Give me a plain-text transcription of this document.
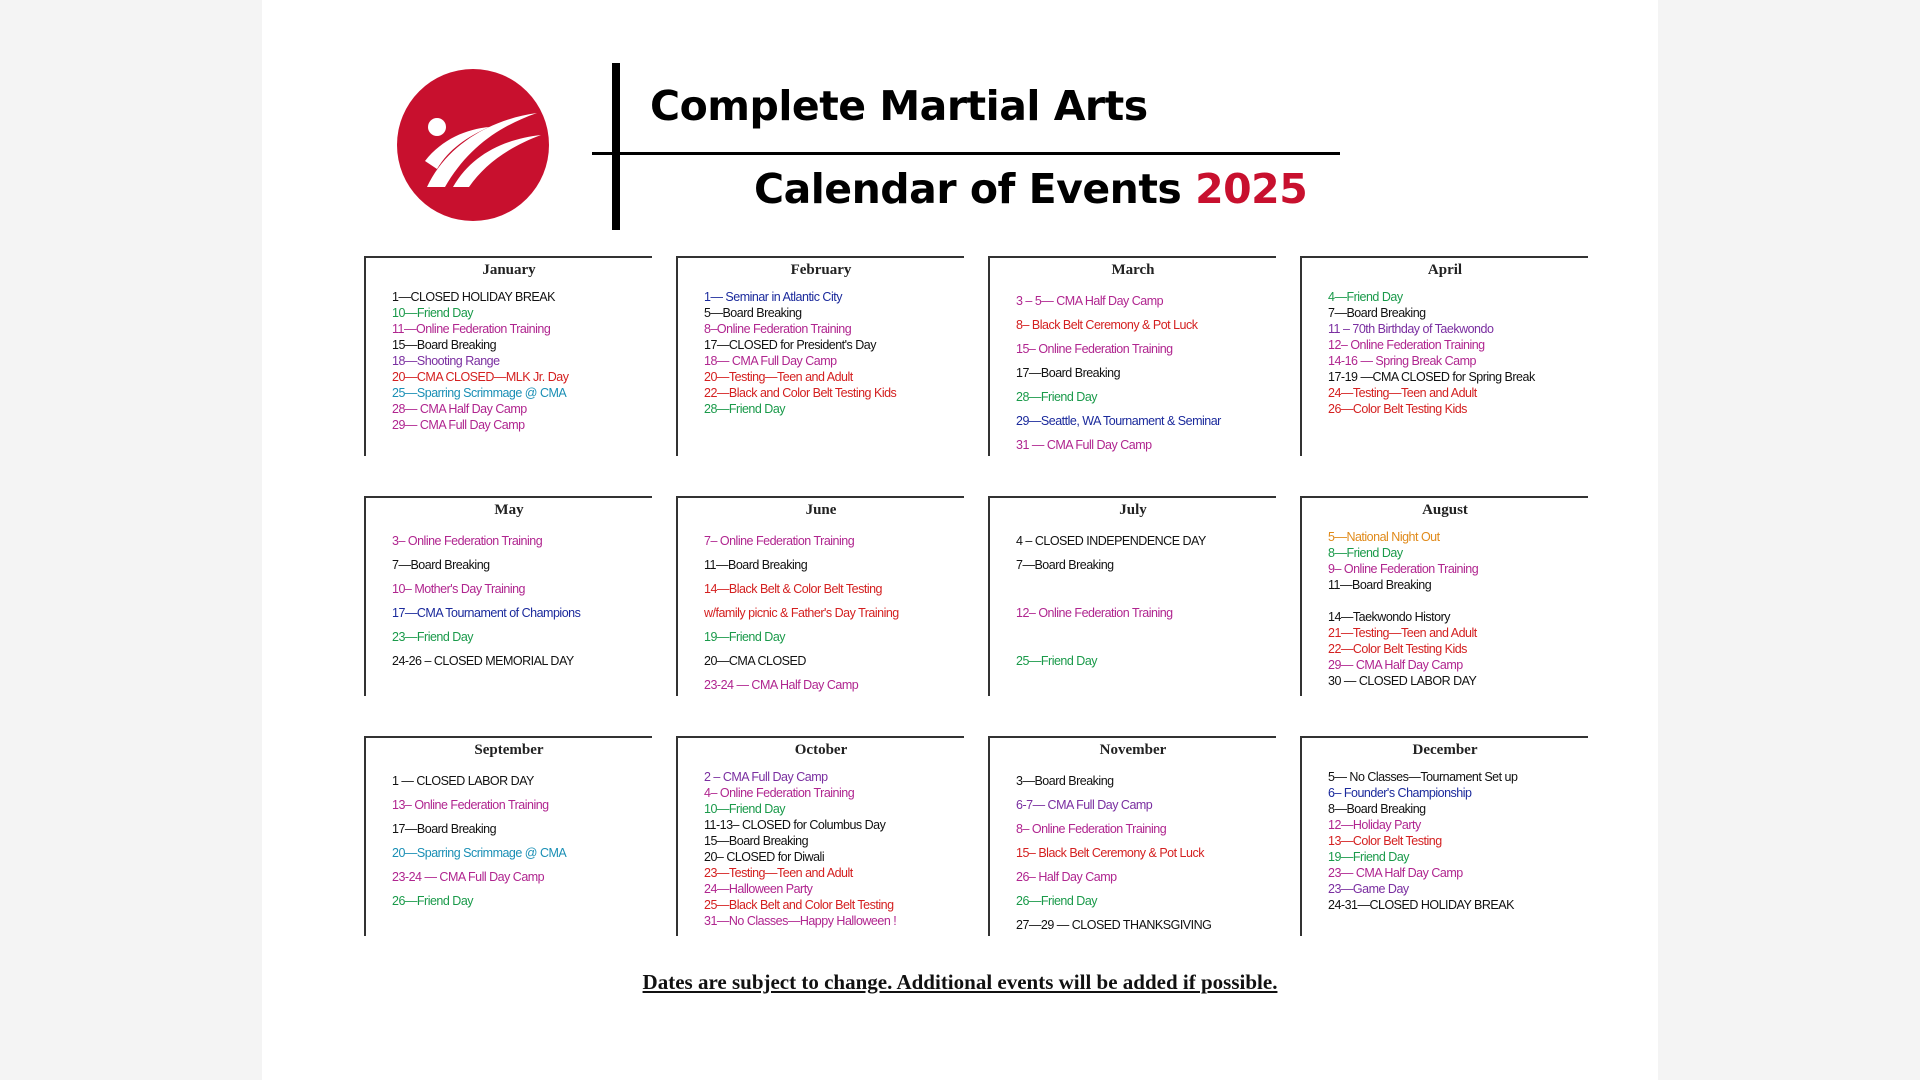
Complete Martial Arts
Calendar of Events 2025
January
1—CLOSED HOLIDAY BREAK
10—Friend Day
11—Online Federation Training
15—Board Breaking
18—Shooting Range
20—CMA CLOSED—MLK Jr. Day
25—Sparring Scrimmage @ CMA
28— CMA Half Day Camp
29— CMA Full Day Camp
February
1— Seminar in Atlantic City
5—Board Breaking
8–Online Federation Training
17—CLOSED for President's Day
18— CMA Full Day Camp
20—Testing—Teen and Adult
22—Black and Color Belt Testing Kids
28—Friend Day
March
3 – 5— CMA Half Day Camp
8– Black Belt Ceremony & Pot Luck
15– Online Federation Training
17—Board Breaking
28—Friend Day
29—Seattle, WA Tournament & Seminar
31 — CMA Full Day Camp
April
4—Friend Day
7—Board Breaking
11 – 70th Birthday of Taekwondo
12– Online Federation Training
14-16 — Spring Break Camp
17-19 —CMA CLOSED for Spring Break
24—Testing—Teen and Adult
26—Color Belt Testing Kids
May
3– Online Federation Training
7—Board Breaking
10– Mother's Day Training
17—CMA Tournament of Champions
23—Friend Day
24-26 – CLOSED MEMORIAL DAY
June
7– Online Federation Training
11—Board Breaking
14—Black Belt & Color Belt Testing
w/family picnic & Father's Day Training
19—Friend Day
20—CMA CLOSED
23-24 — CMA Half Day Camp
July
4 – CLOSED INDEPENDENCE DAY
7—Board Breaking
12– Online Federation Training
25—Friend Day
August
5—National Night Out
8—Friend Day
9– Online Federation Training
11—Board Breaking
14—Taekwondo History
21—Testing—Teen and Adult
22—Color Belt Testing Kids
29— CMA Half Day Camp
30 — CLOSED LABOR DAY
September
1 — CLOSED LABOR DAY
13– Online Federation Training
17—Board Breaking
20—Sparring Scrimmage @ CMA
23-24 — CMA Full Day Camp
26—Friend Day
October
2 – CMA Full Day Camp
4– Online Federation Training
10—Friend Day
11-13– CLOSED for Columbus Day
15—Board Breaking
20– CLOSED for Diwali
23—Testing—Teen and Adult
24—Halloween Party
25—Black Belt and Color Belt Testing
31—No Classes—Happy Halloween !
November
3—Board Breaking
6-7— CMA Full Day Camp
8– Online Federation Training
15– Black Belt Ceremony & Pot Luck
26– Half Day Camp
26—Friend Day
27—29 — CLOSED THANKSGIVING
December
5— No Classes—Tournament Set up
6– Founder's Championship
8—Board Breaking
12—Holiday Party
13—Color Belt Testing
19—Friend Day
23— CMA Half Day Camp
23—Game Day
24-31—CLOSED HOLIDAY BREAK
Dates are subject to change. Additional events will be added if possible.
